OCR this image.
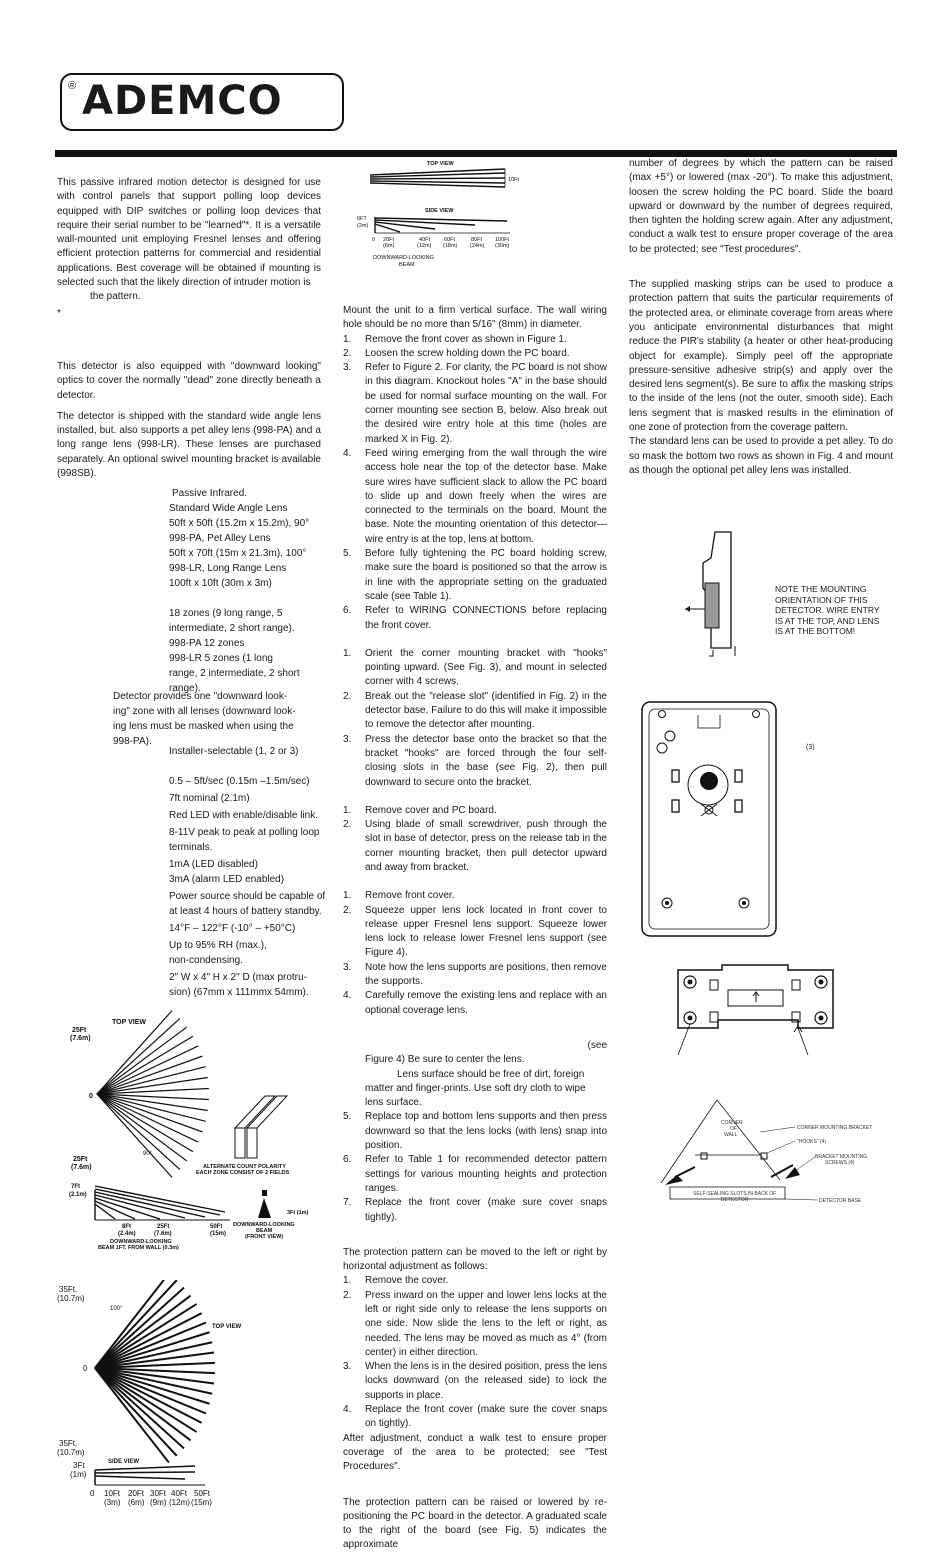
® ADEMCO

This passive infrared motion detector is designed for use with control panels that support polling loop devices equipped with DIP switches or polling loop devices that require their serial number to be "learned"*. It is a versatile wall-mounted unit employing Fresnel lenses and offering efficient protection patterns for commercial and residential applications. Best coverage will be obtained if mounting is selected such that the likely direction of intruder motion is

the pattern.

*

This detector is also equipped with "downward looking" optics to cover the normally "dead" zone directly beneath a detector.

The detector is shipped with the standard wide angle lens installed, but. also supports a pet alley lens (998-PA) and a long range lens (998-LR). These lenses are purchased separately. An optional swivel mounting bracket is available (998SB).

Passive Infrared.
Standard Wide Angle Lens
50ft x 50ft (15.2m x 15.2m), 90°
998-PA, Pet Alley Lens
50ft x 70ft (15m x 21.3m), 100°
998-LR, Long Range Lens
100ft x 10ft (30m x 3m)
18 zones (9 long range, 5
intermediate, 2 short range).
998-PA 12 zones
998-LR 5 zones (1 long
range, 2 intermediate, 2 short
range).
Detector provides one "downward look-
ing" zone with all lenses (downward look-
ing lens must be masked when using the
998-PA).
Installer-selectable (1, 2 or 3)
0.5 – 5ft/sec (0.15m –1.5m/sec)
7ft nominal (2.1m)
Red LED with enable/disable link.
8-11V peak to peak at polling loop terminals.
1mA (LED disabled)
3mA (alarm LED enabled)
Power source should be capable of at least 4 hours of battery standby.
14°F – 122°F (-10° – +50°C)
Up to 95% RH (max.),
non-condensing.
2" W x 4" H x 2" D (max protru-
sion) (67mm x 111mmx 54mm).
TOP VIEW
25Ft
(7.6m)
0
25Ft
(7.6m)
90°
ALTERNATE COUNT POLARITY
EACH ZONE CONSIST OF 2 FIELDS
7Ft
(2.1m)
8Ft
(2.4m)
25Ft
(7.6m)
50Ft
(15m)
3Ft (1m)
DOWNWARD-LOOKING
BEAM
(FRONT VIEW)
DOWNWARD-LOOKING
BEAM 1FT. FROM WALL (0.3m)
35Ft.
(10.7m)
100°
TOP VIEW
0
35Ft.
(10.7m)
SIDE VIEW
3Ft
(1m)
0 10Ft
(3m)
20Ft
(6m)
30Ft
(9m)
40Ft
(12m)
50Ft
(15m)
TOP VIEW
10Ft
SIDE VIEW
6FT
(2m)
0 20Ft
(6m)
40Ft
(12m)
60Ft
(18m)
80Ft
(24m)
100Ft
(30m)
DOWNWARD-LOOKING
BEAM

Mount the unit to a firm vertical surface. The wall wiring hole should be no more than 5/16" (8mm) in diameter.

1. Remove the front cover as shown in Figure 1.
2. Loosen the screw holding down the PC board.
3. Refer to Figure 2. For clarity, the PC board is not show in this diagram. Knockout holes "A" in the base should be used for normal surface mounting on the wall. For corner mounting see section B, below. Also break out the desired wire entry hole at this time (holes are marked X in Fig. 2).
4. Feed wiring emerging from the wall through the wire access hole near the top of the detector base. Make sure wires have sufficient slack to allow the PC board to slide up and down freely when the wires are connected to the terminals on the board. Mount the base. Note the mounting orientation of this detector—wire entry is at the top, lens at bottom.
5. Before fully tightening the PC board holding screw, make sure the board is positioned so that the arrow is in line with the appropriate setting on the graduated scale (see Table 1).
6. Refer to WIRING CONNECTIONS before replacing the front cover.
1. Orient the corner mounting bracket with "hooks" pointing upward. (See Fig. 3), and mount in selected corner with 4 screws.
2. Break out the "release slot" (identified in Fig. 2) in the detector base. Failure to do this will make it impossible to remove the detector after mounting.
3. Press the detector base onto the bracket so that the bracket "hooks" are forced through the four self-closing slots in the base (see Fig. 2), then pull downward to secure onto the bracket.
1. Remove cover and PC board.
2. Using blade of small screwdriver, push through the slot in base of detector, press on the release tab in the corner mounting bracket, then pull detector upward and away from bracket.
1. Remove front cover.
2. Squeeze upper lens lock located in front cover to release upper Fresnel lens support. Squeeze lower lens lock to release lower Fresnel lens support (see Figure 4).
3. Note how the lens supports are positions, then remove the supports.
4. Carefully remove the existing lens and replace with an optional coverage lens.

(see

Figure 4) Be sure to center the lens.

Lens surface should be free of dirt, foreign

matter and finger-prints. Use soft dry cloth to wipe

lens surface.

5. Replace top and bottom lens supports and then press downward so that the lens locks (with lens) snap into position.
6. Refer to Table 1 for recommended detector pattern settings for various mounting heights and protection ranges.
7. Replace the front cover (make sure cover snaps tightly).

The protection pattern can be moved to the left or right by horizontal adjustment as follows:

1. Remove the cover.
2. Press inward on the upper and lower lens locks at the left or right side only to release the lens supports on one side. Now slide the lens to the left or right, as needed. The lens may be moved as much as 4° (from center) in either direction.
3. When the lens is in the desired position, press the lens locks downward (on the released side) to lock the supports in place.
4. Replace the front cover (make sure the cover snaps on tightly).

After adjustment, conduct a walk test to ensure proper coverage of the area to be protected; see "Test Procedures".

The protection pattern can be raised or lowered by re-positioning the PC board in the detector. A graduated scale to the right of the board (see Fig. 5) indicates the approximate

number of degrees by which the pattern can be raised (max +5°) or lowered (max -20°). To make this adjustment, loosen the screw holding the PC board. Slide the board upward or downward by the number of degrees required, then tighten the holding screw again. After any adjustment, conduct a walk test to ensure proper coverage of the area to be protected; see "Test procedures".

The supplied masking strips can be used to produce a protection pattern that suits the particular requirements of the protected area, or eliminate coverage from areas where you anticipate environmental disturbances that might reduce the PIR's stability (a heater or other heat-producing object for example). Simply peel off the appropriate pressure-sensitive adhesive strip(s) and apply over the desired lens segment(s). Be sure to affix the masking strips to the inside of the lens (not the outer, smooth side). Each lens segment that is masked results in the elimination of one zone of protection from the coverage pattern.

The standard lens can be used to provide a pet alley. To do so mask the bottom two rows as shown in Fig. 4 and mount as though the optional pet alley lens was installed.

NOTE THE MOUNTING
ORIENTATION OF THIS
DETECTOR. WIRE ENTRY
IS AT THE TOP, AND LENS
IS AT THE BOTTOM!
(3)
CORNER
OF
WALL
CORNER MOUNTING BRACKET
"HOOKS" (4)
BRACKET MOUNTING
SCREWS (4)
SELF-SEALING SLOTS IN BACK OF
DETECTOR	DETECTOR BASE
